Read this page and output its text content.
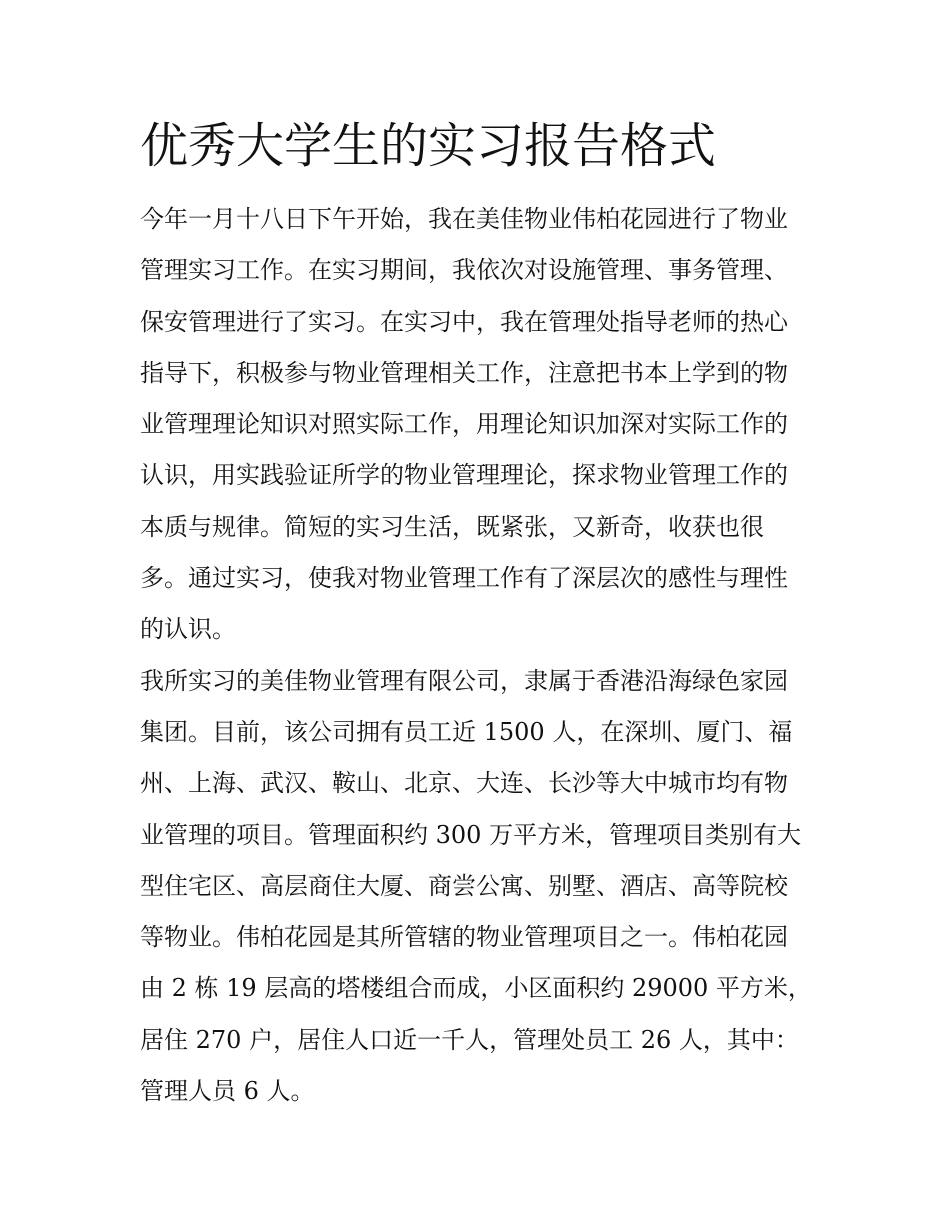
优秀大学生的实习报告格式
今年一月十八日下午开始，我在美佳物业伟柏花园进行了物业
管理实习工作。在实习期间，我依次对设施管理、事务管理、
保安管理进行了实习。在实习中，我在管理处指导老师的热心
指导下，积极参与物业管理相关工作，注意把书本上学到的物
业管理理论知识对照实际工作，用理论知识加深对实际工作的
认识，用实践验证所学的物业管理理论，探求物业管理工作的
本质与规律。简短的实习生活，既紧张，又新奇，收获也很
多。通过实习，使我对物业管理工作有了深层次的感性与理性
的认识。
我所实习的美佳物业管理有限公司，隶属于香港沿海绿色家园
集团。目前，该公司拥有员工近 1500 人，在深圳、厦门、福
州、上海、武汉、鞍山、北京、大连、长沙等大中城市均有物
业管理的项目。管理面积约 300 万平方米，管理项目类别有大
型住宅区、高层商住大厦、商尝公寓、别墅、酒店、高等院校
等物业。伟柏花园是其所管辖的物业管理项目之一。伟柏花园
由 2 栋 19 层高的塔楼组合而成，小区面积约 29000 平方米，
居住 270 户，居住人口近一千人，管理处员工 26 人，其中：
管理人员 6 人。
